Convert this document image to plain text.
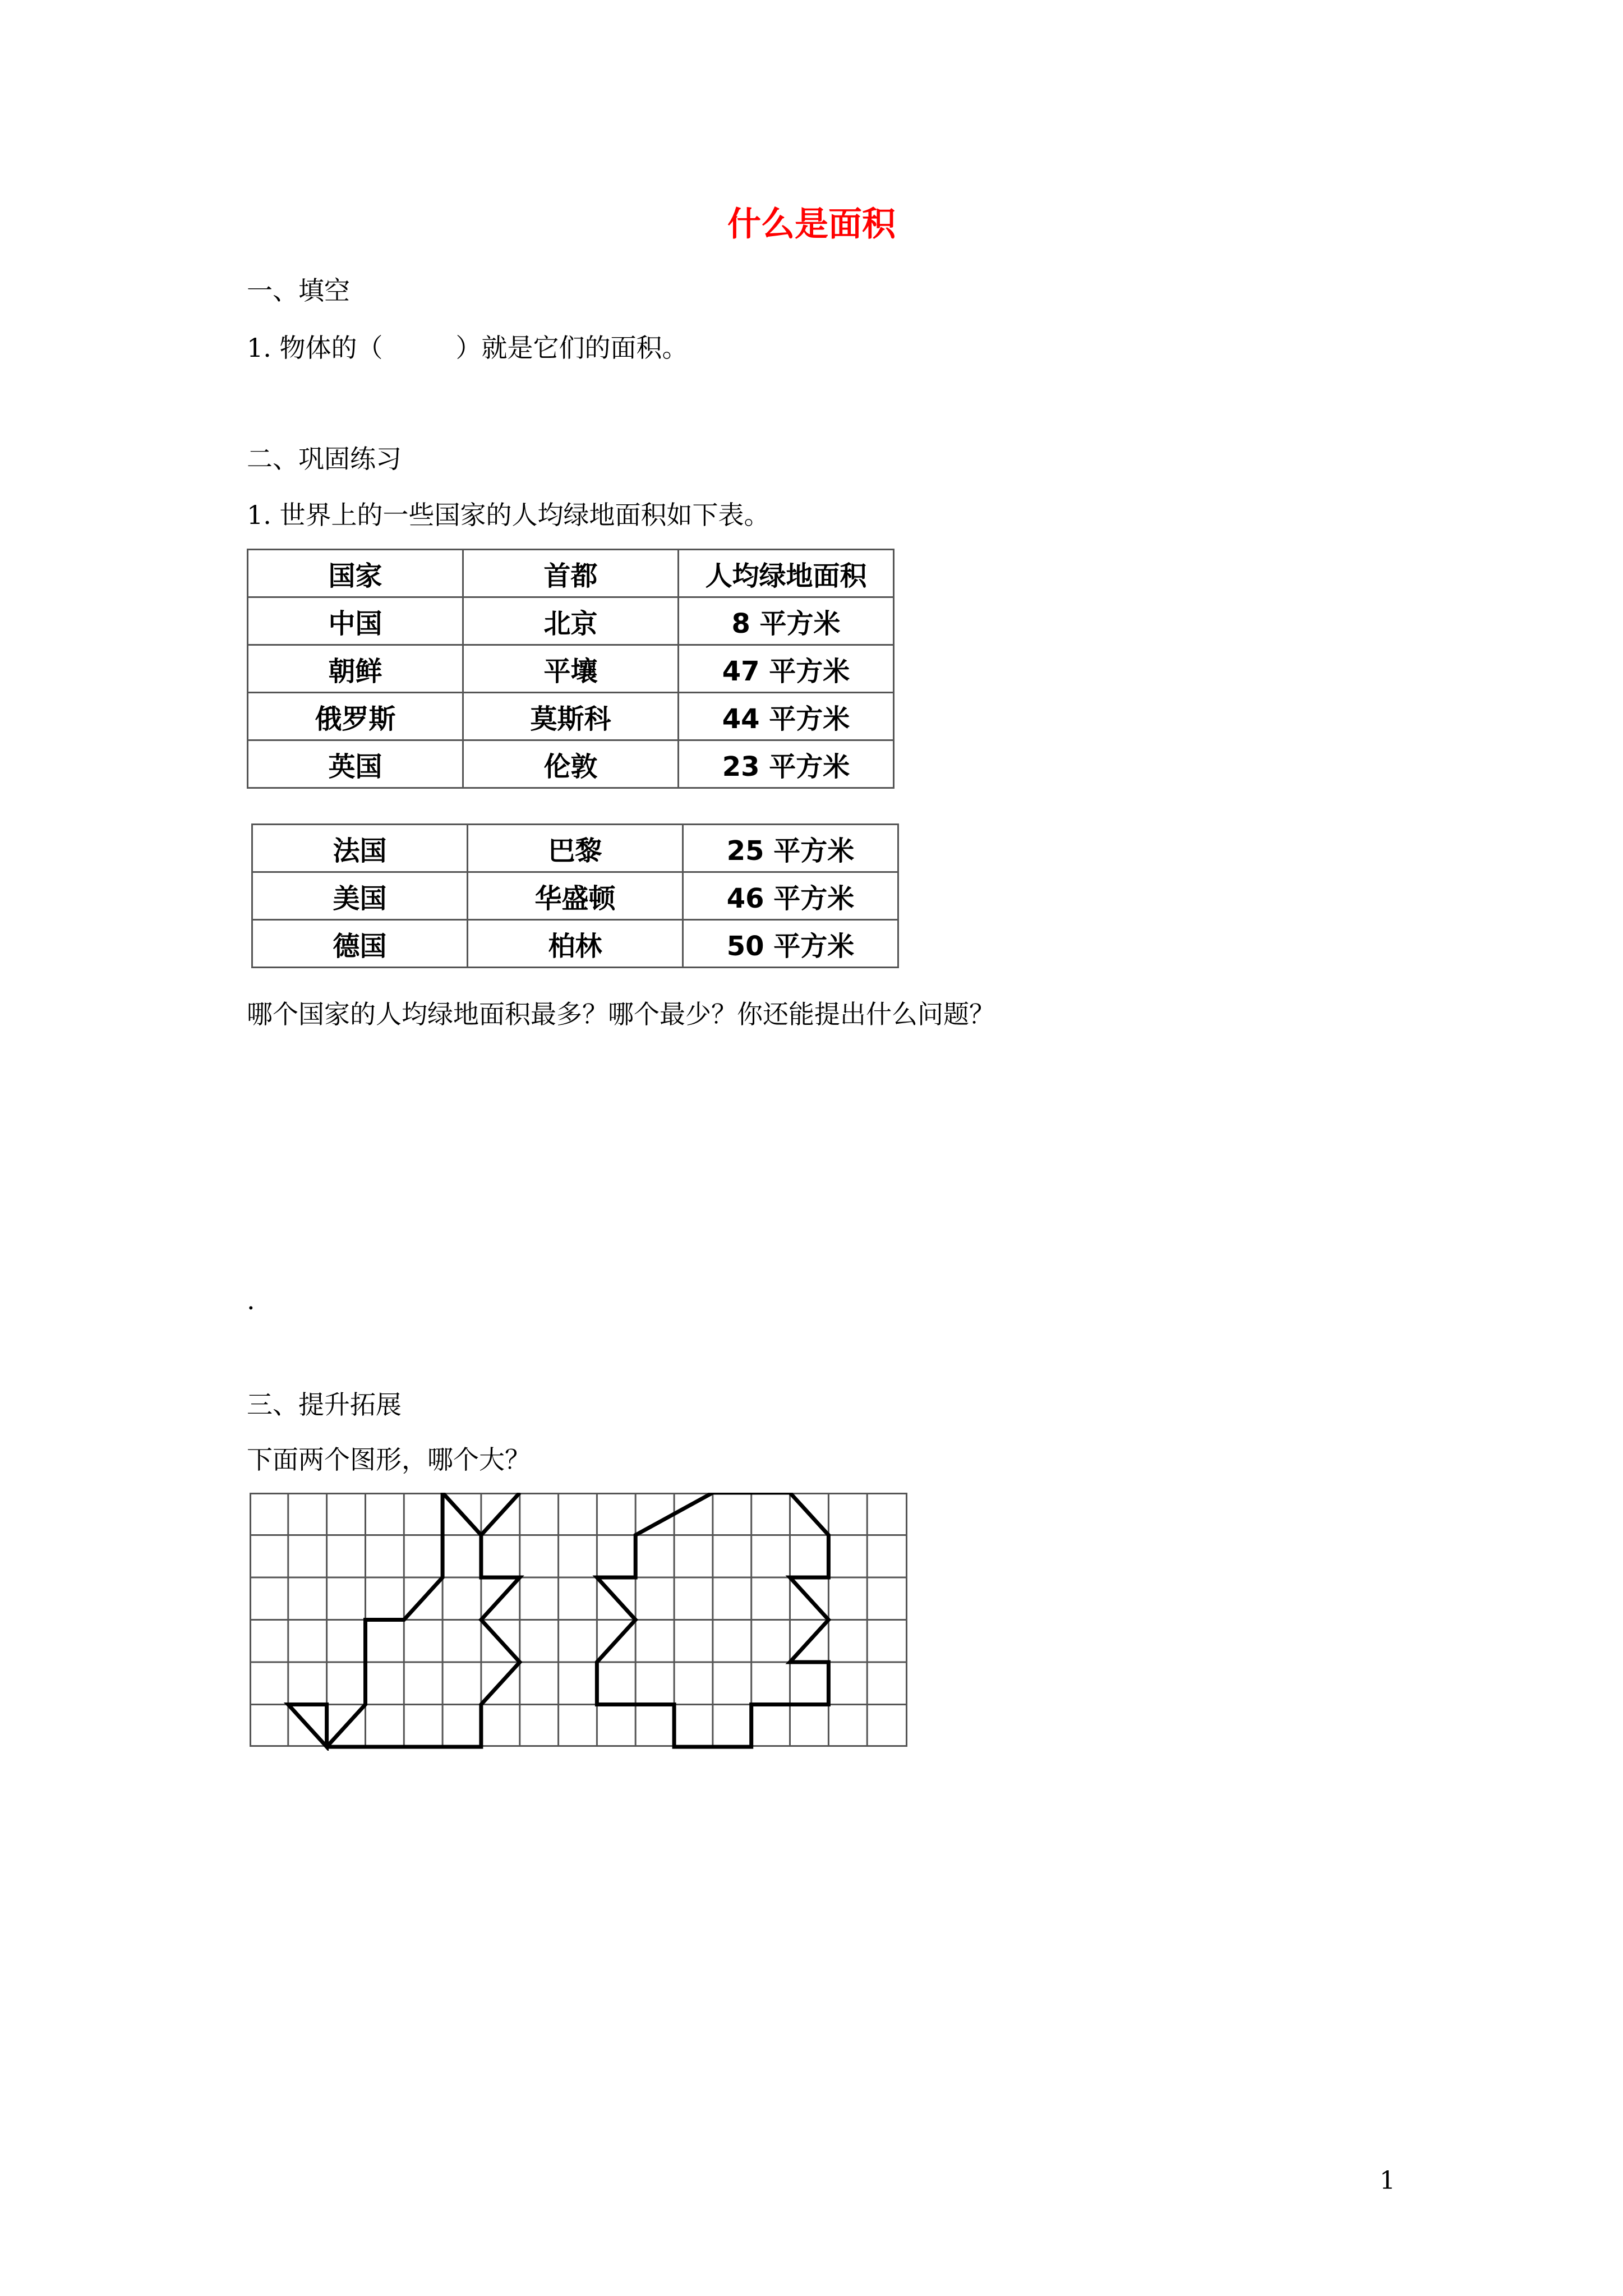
什么是面积
一、填空
1. 物体的（	）就是它们的面积。
二、巩固练习
1. 世界上的一些国家的人均绿地面积如下表。
国家	首都	人均绿地面积
中国	北京	8 平方米
朝鲜	平壤	47 平方米
俄罗斯	莫斯科	44 平方米
英国	伦敦	23 平方米
法国	巴黎	25 平方米
美国	华盛顿	46 平方米
德国	柏林	50 平方米
哪个国家的人均绿地面积最多？哪个最少？你还能提出什么问题？
.
三、提升拓展
下面两个图形，哪个大？
1
